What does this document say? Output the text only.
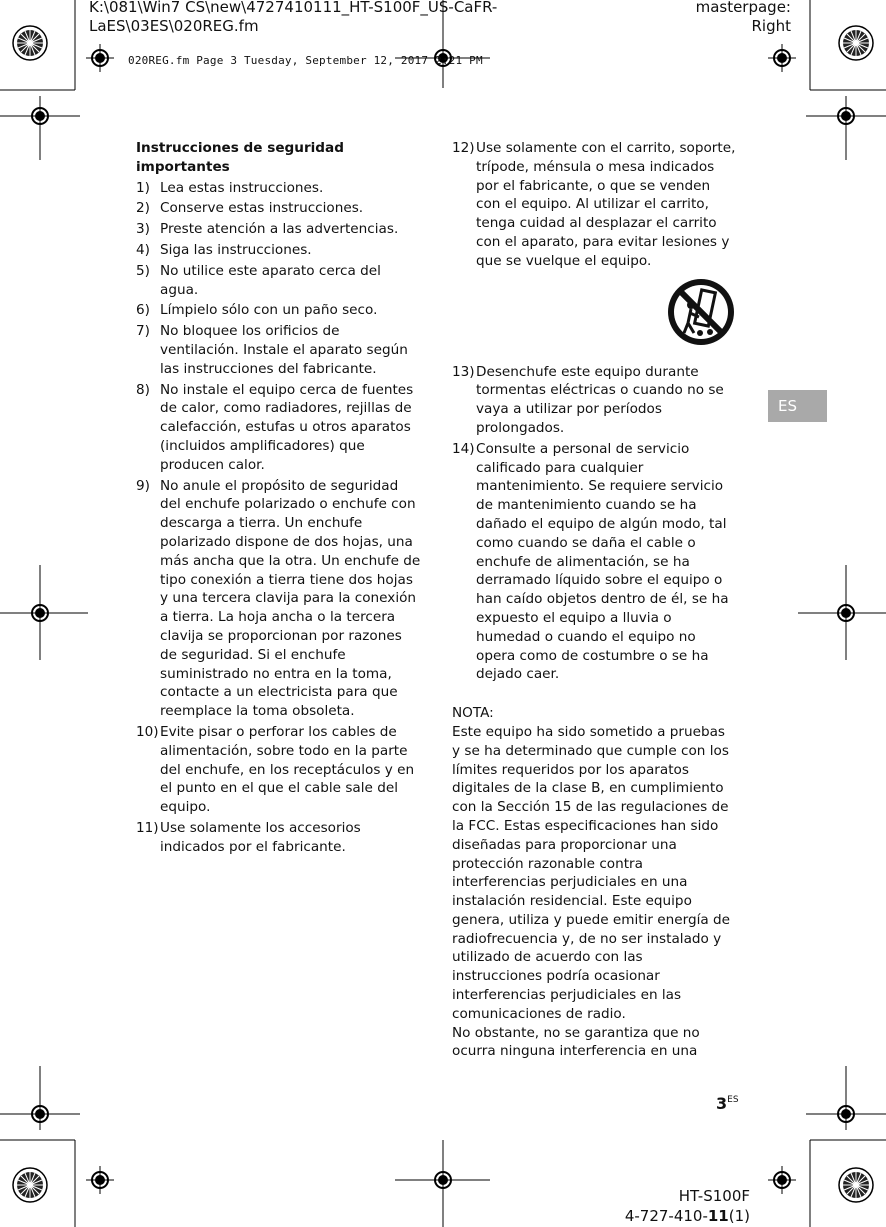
K:\081\Win7 CS\new\4727410111_HT-S100F_US-CaFR-
LaES\03ES\020REG.fm
masterpage:
Right
020REG.fm Page 3 Tuesday, September 12, 2017 2:21 PM
Instrucciones de seguridad importantes
1) Lea estas instrucciones.
2) Conserve estas instrucciones.
3) Preste atención a las advertencias.
4) Siga las instrucciones.
5) No utilice este aparato cerca del agua.
6) Límpielo sólo con un paño seco.
7) No bloquee los orificios de ventilación. Instale el aparato según las instrucciones del fabricante.
8) No instale el equipo cerca de fuentes de calor, como radiadores, rejillas de calefacción, estufas u otros aparatos (incluidos amplificadores) que producen calor.
9) No anule el propósito de seguridad del enchufe polarizado o enchufe con descarga a tierra. Un enchufe polarizado dispone de dos hojas, una más ancha que la otra. Un enchufe de tipo conexión a tierra tiene dos hojas y una tercera clavija para la conexión a tierra. La hoja ancha o la tercera clavija se proporcionan por razones de seguridad. Si el enchufe suministrado no entra en la toma, contacte a un electricista para que reemplace la toma obsoleta.
10) Evite pisar o perforar los cables de alimentación, sobre todo en la parte del enchufe, en los receptáculos y en el punto en el que el cable sale del equipo.
11) Use solamente los accesorios indicados por el fabricante.
12) Use solamente con el carrito, soporte, trípode, ménsula o mesa indicados por el fabricante, o que se venden con el equipo. Al utilizar el carrito, tenga cuidad al desplazar el carrito con el aparato, para evitar lesiones y que se vuelque el equipo.
13) Desenchufe este equipo durante tormentas eléctricas o cuando no se vaya a utilizar por períodos prolongados.
14) Consulte a personal de servicio calificado para cualquier mantenimiento. Se requiere servicio de mantenimiento cuando se ha dañado el equipo de algún modo, tal como cuando se daña el cable o enchufe de alimentación, se ha derramado líquido sobre el equipo o han caído objetos dentro de él, se ha expuesto el equipo a lluvia o humedad o cuando el equipo no opera como de costumbre o se ha dejado caer.
NOTA:
Este equipo ha sido sometido a pruebas y se ha determinado que cumple con los límites requeridos por los aparatos digitales de la clase B, en cumplimiento con la Sección 15 de las regulaciones de la FCC. Estas especificaciones han sido diseñadas para proporcionar una protección razonable contra interferencias perjudiciales en una instalación residencial. Este equipo genera, utiliza y puede emitir energía de radiofrecuencia y, de no ser instalado y utilizado de acuerdo con las instrucciones podría ocasionar interferencias perjudiciales en las comunicaciones de radio.
No obstante, no se garantiza que no ocurra ninguna interferencia en una
ES
$3^{ES}$
HT-S100F
4-727-410-11(1)
